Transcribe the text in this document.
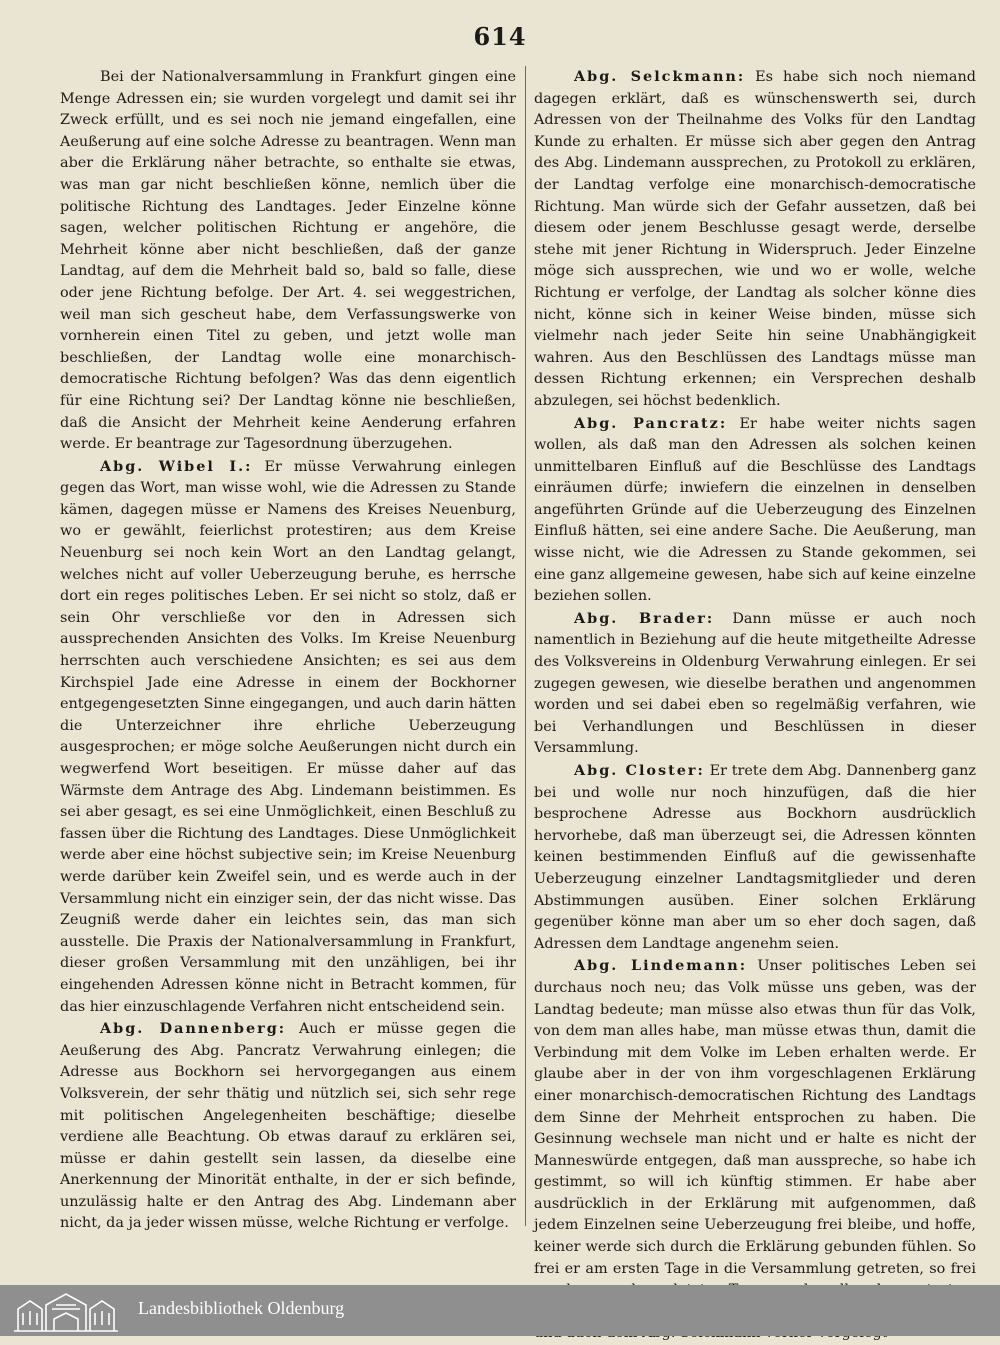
614

Bei der Nationalversammlung in Frankfurt gingen eine Menge Adressen ein; sie wurden vorgelegt und damit sei ihr Zweck erfüllt, und es sei noch nie jemand eingefallen, eine Aeußerung auf eine solche Adresse zu beantragen. Wenn man aber die Erklärung näher betrachte, so enthalte sie etwas, was man gar nicht beschließen könne, nemlich über die politische Richtung des Landtages. Jeder Einzelne könne sagen, welcher politischen Richtung er angehöre, die Mehrheit könne aber nicht beschließen, daß der ganze Landtag, auf dem die Mehrheit bald so, bald so falle, diese oder jene Richtung befolge. Der Art. 4. sei weggestrichen, weil man sich gescheut habe, dem Verfassungswerke von vornherein einen Titel zu geben, und jetzt wolle man beschließen, der Landtag wolle eine monarchisch-democratische Richtung befolgen? Was das denn eigentlich für eine Richtung sei? Der Landtag könne nie beschließen, daß die Ansicht der Mehrheit keine Aenderung erfahren werde. Er beantrage zur Tagesordnung überzugehen.

Abg. Wibel I.: Er müsse Verwahrung einlegen gegen das Wort, man wisse wohl, wie die Adressen zu Stande kämen, dagegen müsse er Namens des Kreises Neuenburg, wo er gewählt, feierlichst protestiren; aus dem Kreise Neuenburg sei noch kein Wort an den Landtag gelangt, welches nicht auf voller Ueberzeugung beruhe, es herrsche dort ein reges politisches Leben. Er sei nicht so stolz, daß er sein Ohr verschließe vor den in Adressen sich aussprechenden Ansichten des Volks. Im Kreise Neuenburg herrschten auch verschiedene Ansichten; es sei aus dem Kirchspiel Jade eine Adresse in einem der Bockhorner entgegengesetzten Sinne eingegangen, und auch darin hätten die Unterzeichner ihre ehrliche Ueberzeugung ausgesprochen; er möge solche Aeußerungen nicht durch ein wegwerfend Wort beseitigen. Er müsse daher auf das Wärmste dem Antrage des Abg. Lindemann beistimmen. Es sei aber gesagt, es sei eine Unmöglichkeit, einen Beschluß zu fassen über die Richtung des Landtages. Diese Unmöglichkeit werde aber eine höchst subjective sein; im Kreise Neuenburg werde darüber kein Zweifel sein, und es werde auch in der Versammlung nicht ein einziger sein, der das nicht wisse. Das Zeugniß werde daher ein leichtes sein, das man sich ausstelle. Die Praxis der Nationalversammlung in Frankfurt, dieser großen Versammlung mit den unzähligen, bei ihr eingehenden Adressen könne nicht in Betracht kommen, für das hier einzuschlagende Verfahren nicht entscheidend sein.

Abg. Dannenberg: Auch er müsse gegen die Aeußerung des Abg. Pancratz Verwahrung einlegen; die Adresse aus Bockhorn sei hervorgegangen aus einem Volksverein, der sehr thätig und nützlich sei, sich sehr rege mit politischen Angelegenheiten beschäftige; dieselbe verdiene alle Beachtung. Ob etwas darauf zu erklären sei, müsse er dahin gestellt sein lassen, da dieselbe eine Anerkennung der Minorität enthalte, in der er sich befinde, unzulässig halte er den Antrag des Abg. Lindemann aber nicht, da ja jeder wissen müsse, welche Richtung er verfolge.

Abg. Selckmann: Es habe sich noch niemand dagegen erklärt, daß es wünschenswerth sei, durch Adressen von der Theilnahme des Volks für den Landtag Kunde zu erhalten. Er müsse sich aber gegen den Antrag des Abg. Lindemann aussprechen, zu Protokoll zu erklären, der Landtag verfolge eine monarchisch-democratische Richtung. Man würde sich der Gefahr aussetzen, daß bei diesem oder jenem Beschlusse gesagt werde, derselbe stehe mit jener Richtung in Widerspruch. Jeder Einzelne möge sich aussprechen, wie und wo er wolle, welche Richtung er verfolge, der Landtag als solcher könne dies nicht, könne sich in keiner Weise binden, müsse sich vielmehr nach jeder Seite hin seine Unabhängigkeit wahren. Aus den Beschlüssen des Landtags müsse man dessen Richtung erkennen; ein Versprechen deshalb abzulegen, sei höchst bedenklich.

Abg. Pancratz: Er habe weiter nichts sagen wollen, als daß man den Adressen als solchen keinen unmittelbaren Einfluß auf die Beschlüsse des Landtags einräumen dürfe; inwiefern die einzelnen in denselben angeführten Gründe auf die Ueberzeugung des Einzelnen Einfluß hätten, sei eine andere Sache. Die Aeußerung, man wisse nicht, wie die Adressen zu Stande gekommen, sei eine ganz allgemeine gewesen, habe sich auf keine einzelne beziehen sollen.

Abg. Brader: Dann müsse er auch noch namentlich in Beziehung auf die heute mitgetheilte Adresse des Volksvereins in Oldenburg Verwahrung einlegen. Er sei zugegen gewesen, wie dieselbe berathen und angenommen worden und sei dabei eben so regelmäßig verfahren, wie bei Verhandlungen und Beschlüssen in dieser Versammlung.

Abg. Closter: Er trete dem Abg. Dannenberg ganz bei und wolle nur noch hinzufügen, daß die hier besprochene Adresse aus Bockhorn ausdrücklich hervorhebe, daß man überzeugt sei, die Adressen könnten keinen bestimmenden Einfluß auf die gewissenhafte Ueberzeugung einzelner Landtagsmitglieder und deren Abstimmungen ausüben. Einer solchen Erklärung gegenüber könne man aber um so eher doch sagen, daß Adressen dem Landtage angenehm seien.

Abg. Lindemann: Unser politisches Leben sei durchaus noch neu; das Volk müsse uns geben, was der Landtag bedeute; man müsse also etwas thun für das Volk, von dem man alles habe, man müsse etwas thun, damit die Verbindung mit dem Volke im Leben erhalten werde. Er glaube aber in der von ihm vorgeschlagenen Erklärung einer monarchisch-democratischen Richtung des Landtags dem Sinne der Mehrheit entsprochen zu haben. Die Gesinnung wechsele man nicht und er halte es nicht der Manneswürde entgegen, daß man ausspreche, so habe ich gestimmt, so will ich künftig stimmen. Er habe aber ausdrücklich in der Erklärung mit aufgenommen, daß jedem Einzelnen seine Ueberzeugung frei bleibe, und hoffe, keiner werde sich durch die Erklärung gebunden fühlen. So frei er am ersten Tage in die Versammlung getreten, so frei

Landesbibliothek Oldenburg
